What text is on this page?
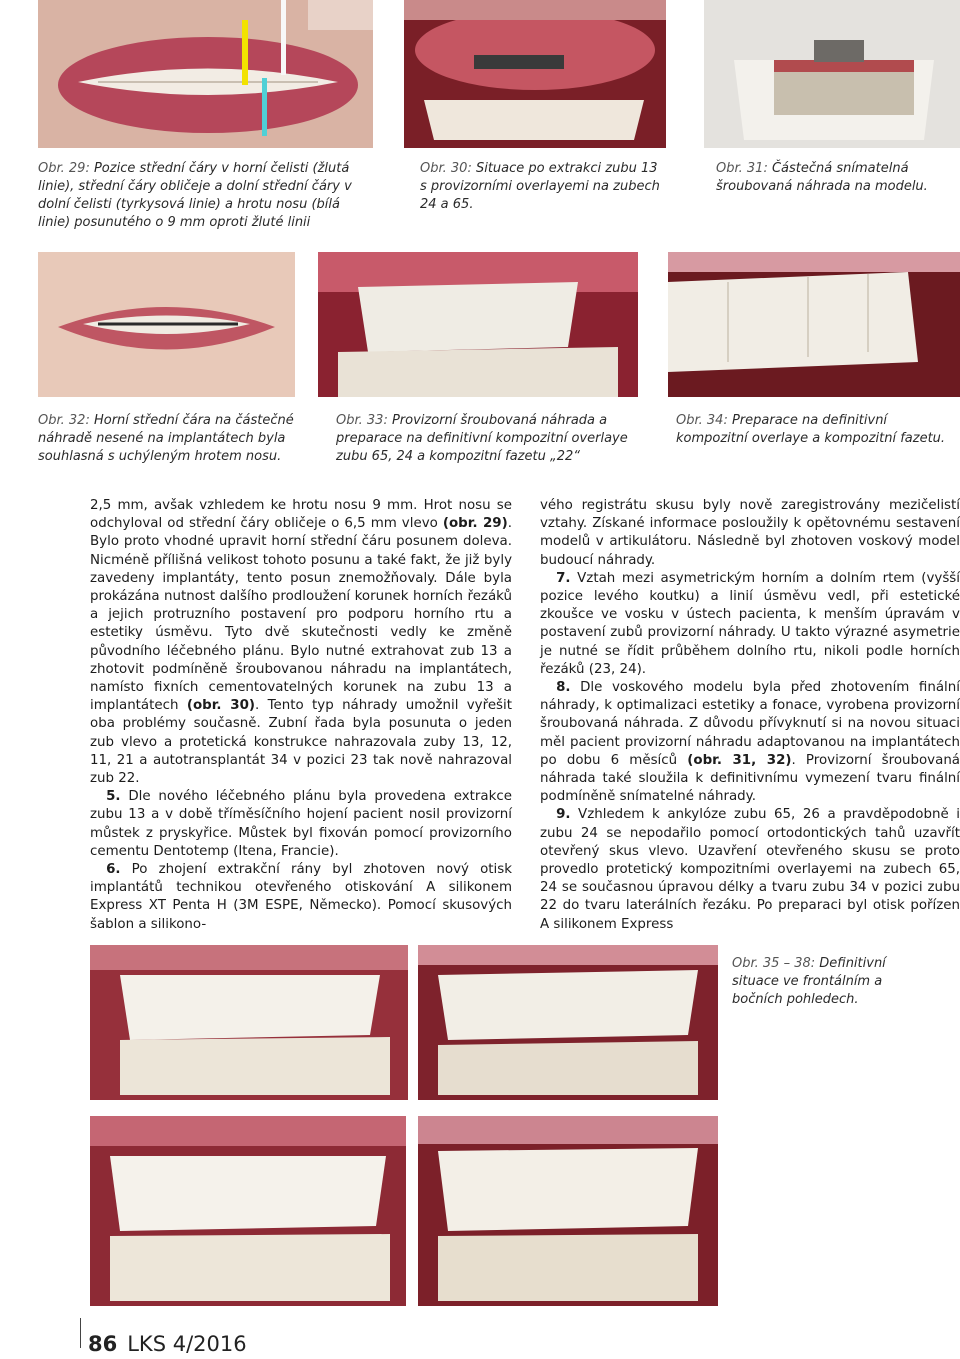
Obr. 29: Pozice střední čáry v horní čelisti (žlutá linie), střední čáry obličeje a dolní střední čáry v dolní čelisti (tyrkysová linie) a hrotu nosu (bílá linie) posunutého o 9 mm oproti žluté linii
Obr. 30: Situace po extrakci zubu 13 s provizorními overlayemi na zubech 24 a 65.
Obr. 31: Částečná snímatelná šroubovaná náhrada na modelu.
Obr. 32: Horní střední čára na částečné náhradě nesené na implantátech byla souhlasná s uchýleným hrotem nosu.
Obr. 33: Provizorní šroubovaná náhrada a preparace na definitivní kompozitní overlaye zubu 65, 24 a kompozitní fazetu „22“
Obr. 34: Preparace na definitivní kompozitní overlaye a kompozitní fazetu.

2,5 mm, avšak vzhledem ke hrotu nosu 9 mm. Hrot nosu se odchyloval od střední čáry obličeje o 6,5 mm vlevo (obr. 29). Bylo proto vhodné upravit horní střední čáru posunem doleva. Nicméně přílišná velikost tohoto posunu a také fakt, že již byly zavedeny implantáty, tento posun znemožňovaly. Dále byla prokázána nutnost dalšího prodloužení korunek horních řezáků a jejich protruzního postavení pro podporu horního rtu a estetiky úsměvu. Tyto dvě skutečnosti vedly ke změně původního léčebného plánu. Bylo nutné extrahovat zub 13 a zhotovit podmíněně šroubovanou náhradu na implantátech, namísto fixních cementovatelných korunek na zubu 13 a implantátech (obr. 30). Tento typ náhrady umožnil vyřešit oba problémy současně. Zubní řada byla posunuta o jeden zub vlevo a protetická konstrukce nahrazovala zuby 13, 12, 11, 21 a autotransplantát 34 v pozici 23 tak nově nahrazoval zub 22.

5. Dle nového léčebného plánu byla provedena extrakce zubu 13 a v době tříměsíčního hojení pacient nosil provizorní můstek z pryskyřice. Můstek byl fixován pomocí provizorního cementu Dentotemp (Itena, Francie).

6. Po zhojení extrakční rány byl zhotoven nový otisk implantátů technikou otevřeného otiskování A silikonem Express XT Penta H (3M ESPE, Německo). Pomocí skusových šablon a silikono-

vého registrátu skusu byly nově zaregistrovány mezičelistí vztahy. Získané informace posloužily k opětovnému sestavení modelů v artikulátoru. Následně byl zhotoven voskový model budoucí náhrady.

7. Vztah mezi asymetrickým horním a dolním rtem (vyšší pozice levého koutku) a linií úsměvu vedl, při estetické zkoušce ve vosku v ústech pacienta, k menším úpravám v postavení zubů provizorní náhrady. U takto výrazné asymetrie je nutné se řídit průběhem dolního rtu, nikoli podle horních řezáků (23, 24).

8. Dle voskového modelu byla před zhotovením finální náhrady, k optimalizaci estetiky a fonace, vyrobena provizorní šroubovaná náhrada. Z důvodu přívyknutí si na novou situaci měl pacient provizorní náhradu adaptovanou na implantátech po dobu 6 měsíců (obr. 31, 32). Provizorní šroubovaná náhrada také sloužila k definitivnímu vymezení tvaru finální podmíněně snímatelné náhrady.

9. Vzhledem k ankylóze zubu 65, 26 a pravděpodobně i zubu 24 se nepodařilo pomocí ortodontických tahů uzavřít otevřený skus vlevo. Uzavření otevřeného skusu se proto provedlo protetický kompozitními overlayemi na zubech 65, 24 se současnou úpravou délky a tvaru zubu 34 v pozici zubu 22 do tvaru laterálních řezáku. Po preparaci byl otisk pořízen A silikonem Express

Obr. 35 – 38: Definitivní situace ve frontálním a bočních pohledech.
86 LKS 4/2016
